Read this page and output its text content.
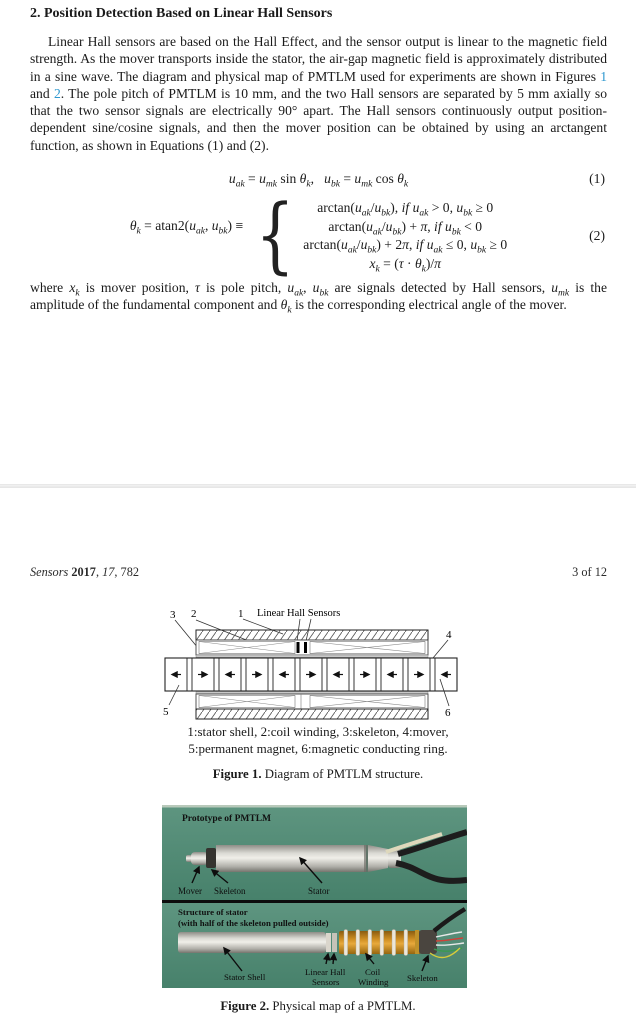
2. Position Detection Based on Linear Hall Sensors

Linear Hall sensors are based on the Hall Effect, and the sensor output is linear to the magnetic field strength. As the mover transports inside the stator, the air-gap magnetic field is approximately distributed in a sine wave. The diagram and physical map of PMTLM used for experiments are shown in Figures 1 and 2. The pole pitch of PMTLM is 10 mm, and the two Hall sensors are separated by 5 mm axially so that the two sensor signals are electrically 90° apart. The Hall sensors continuously output position-dependent sine/cosine signals, and then the mover position can be obtained by using an arctangent function, as shown in Equations (1) and (2).

$u_{ak} = u_{mk}$ $\sin \theta_k$,  $u_{bk} = u_{mk}$ $\cos \theta_k$	(1)
$\theta_k = atan2(u_{ak}$, $u_{bk}$) ≡ { $\arctan(u_{ak}/u_{bk})$, if $u_{ak} > 0$, $u_{bk} \ge 0$
$\arctan(u_{ak}/u_{bk}) + \pi$, if $u_{bk} < 0$
$\arctan(u_{ak}/u_{bk}) + 2\pi$, if $u_{ak} \le 0$, $u_{bk} \ge 0$
$x_k = (\tau \cdot \theta_k)/\pi$
(2)

where $x_k$ is mover position, τ is pole pitch, $u_{ak}$, $u_{bk}$ are signals detected by Hall sensors, $u_{mk}$ is the amplitude of the fundamental component and $\theta_k$ is the corresponding electrical angle of the mover.

Sensors 2017, 17, 782	3 of 12
3 2	1 Linear Hall Sensors
4
5	6
1:stator shell, 2:coil winding, 3:skeleton, 4:mover,
5:permanent magnet, 6:magnetic conducting ring.
Figure 1. Diagram of PMTLM structure.
Prototype of PMTLM
Mover Skeleton	Stator
Structure of stator
(with half of the skeleton pulled outside)
Stator Shell	Linear Hall
Sensors
Coil
Winding Skeleton
Figure 2. Physical map of a PMTLM.
